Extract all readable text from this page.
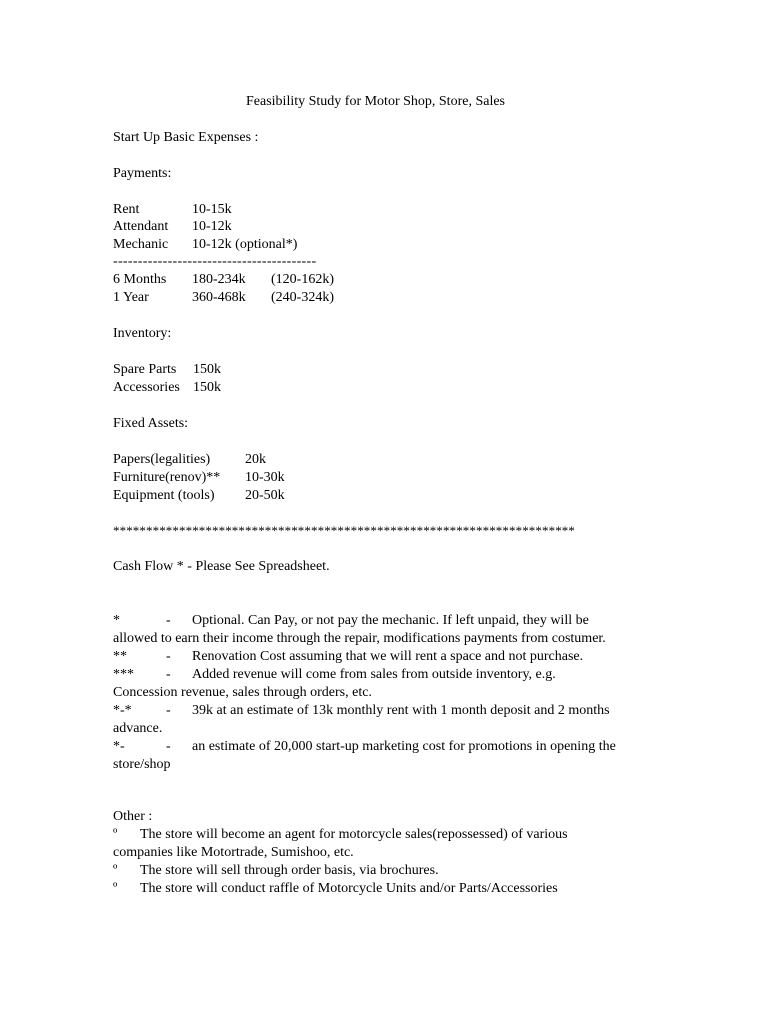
Feasibility Study for Motor Shop, Store, Sales
Start Up Basic Expenses :
Payments:
Rent	10-15k
Attendant 10-12k
Mechanic 10-12k (optional*)
-----------------------------------------
6 Months 180-234k (120-162k)
1 Year	360-468k (240-324k)
Inventory:
Spare Parts 150k
Accessories 150k
Fixed Assets:
Papers(legalities) 20k
Furniture(renov)** 10-30k
Equipment (tools) 20-50k
**********************************************************************
Cash Flow * - Please See Spreadsheet.
*	- Optional. Can Pay, or not pay the mechanic. If left unpaid, they will be
allowed to earn their income through the repair, modifications payments from costumer.
**	- Renovation Cost assuming that we will rent a space and not purchase.
*** - Added revenue will come from sales from outside inventory, e.g.
Concession revenue, sales through orders, etc.
*-* - 39k at an estimate of 13k monthly rent with 1 month deposit and 2 months
advance.
*-	- an estimate of 20,000 start-up marketing cost for promotions in opening the
store/shop
Other :
º The store will become an agent for motorcycle sales(repossessed) of various
companies like Motortrade, Sumishoo, etc.
º The store will sell through order basis, via brochures.
º The store will conduct raffle of Motorcycle Units and/or Parts/Accessories
